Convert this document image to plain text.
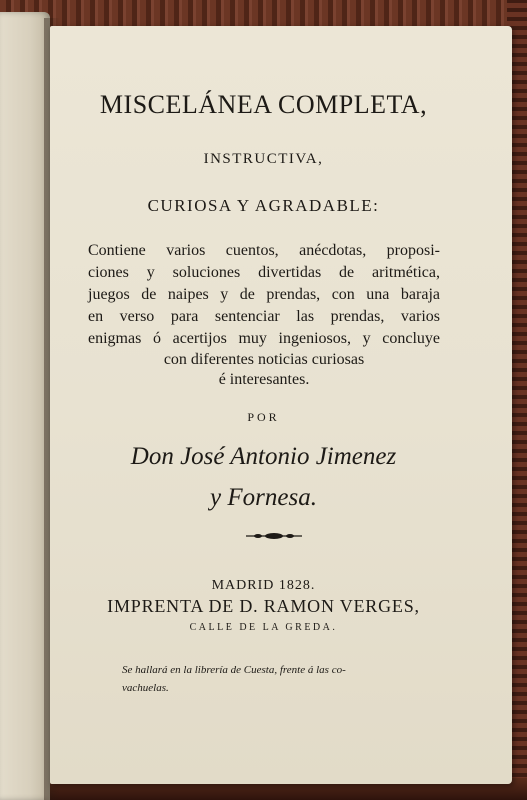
MISCELÁNEA COMPLETA,
INSTRUCTIVA,
CURIOSA Y AGRADABLE:
Contiene varios cuentos, anécdotas, proposi-
ciones y soluciones divertidas de aritmética,
juegos de naipes y de prendas, con una baraja
en verso para sentenciar las prendas, varios
enigmas ó acertijos muy ingeniosos, y concluye
con diferentes noticias curiosas
é interesantes.
POR
Don José Antonio Jimenez
y Fornesa.
MADRID 1828.
IMPRENTA DE D. RAMON VERGES,
CALLE DE LA GREDA.
Se hallará en la librería de Cuesta, frente á las co-
vachuelas.
